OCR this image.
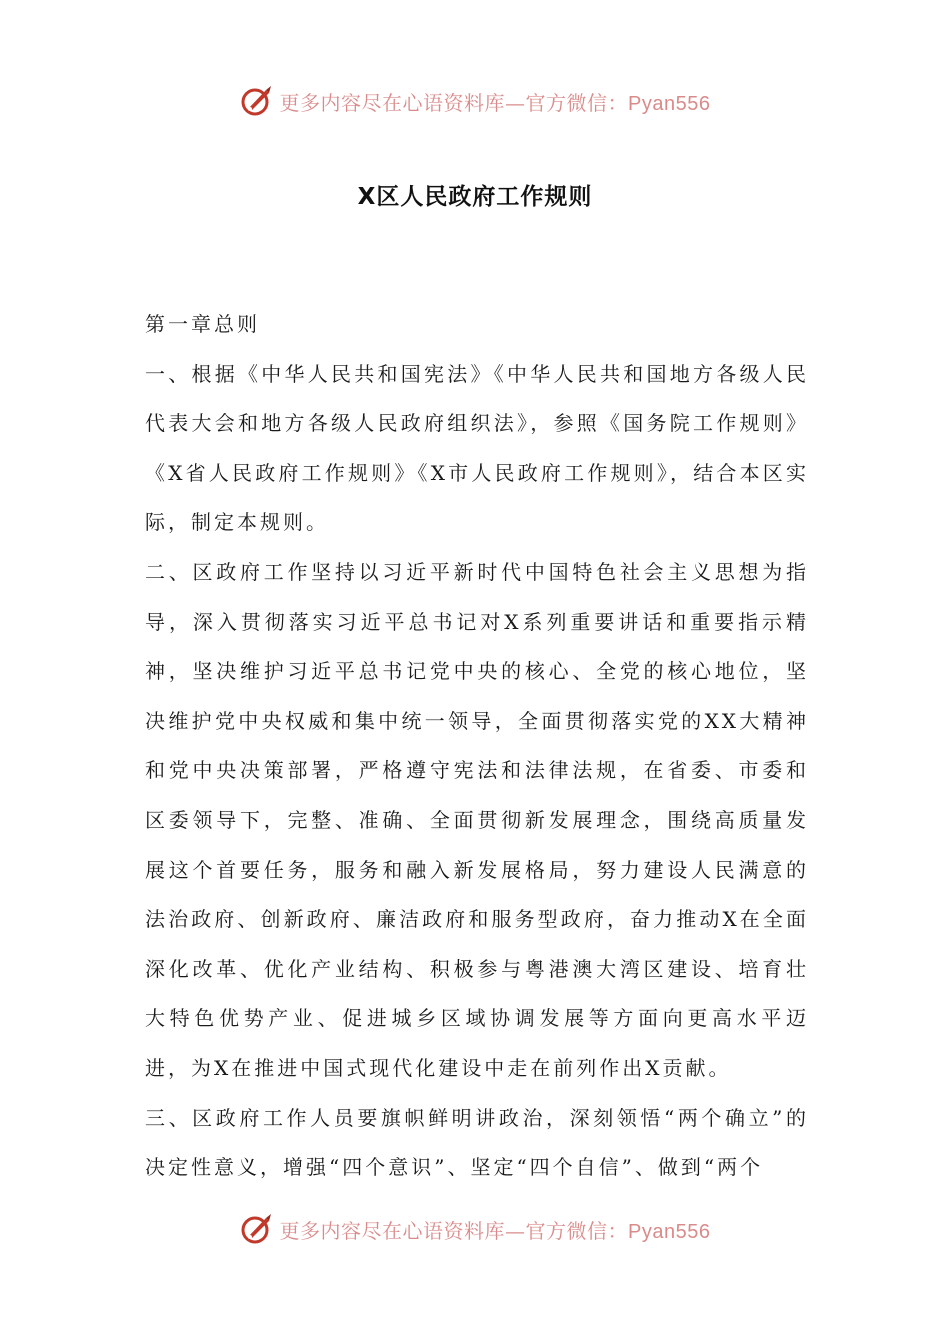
更多内容尽在心语资料库—官方微信：Pyan556
X区人民政府工作规则

第一章总则

一、根据《中华人民共和国宪法》《中华人民共和国地方各级人民代表大会和地方各级人民政府组织法》，参照《国务院工作规则》《X省人民政府工作规则》《X市人民政府工作规则》，结合本区实际，制定本规则。

二、区政府工作坚持以习近平新时代中国特色社会主义思想为指导，深入贯彻落实习近平总书记对X系列重要讲话和重要指示精神，坚决维护习近平总书记党中央的核心、全党的核心地位，坚决维护党中央权威和集中统一领导，全面贯彻落实党的XX大精神和党中央决策部署，严格遵守宪法和法律法规，在省委、市委和区委领导下，完整、准确、全面贯彻新发展理念，围绕高质量发展这个首要任务，服务和融入新发展格局，努力建设人民满意的法治政府、创新政府、廉洁政府和服务型政府，奋力推动X在全面深化改革、优化产业结构、积极参与粤港澳大湾区建设、培育壮大特色优势产业、促进城乡区域协调发展等方面向更高水平迈进，为X在推进中国式现代化建设中走在前列作出X贡献。

三、区政府工作人员要旗帜鲜明讲政治，深刻领悟“两个确立”的决定性意义，增强“四个意识”、坚定“四个自信”、做到“两个

更多内容尽在心语资料库—官方微信：Pyan556
